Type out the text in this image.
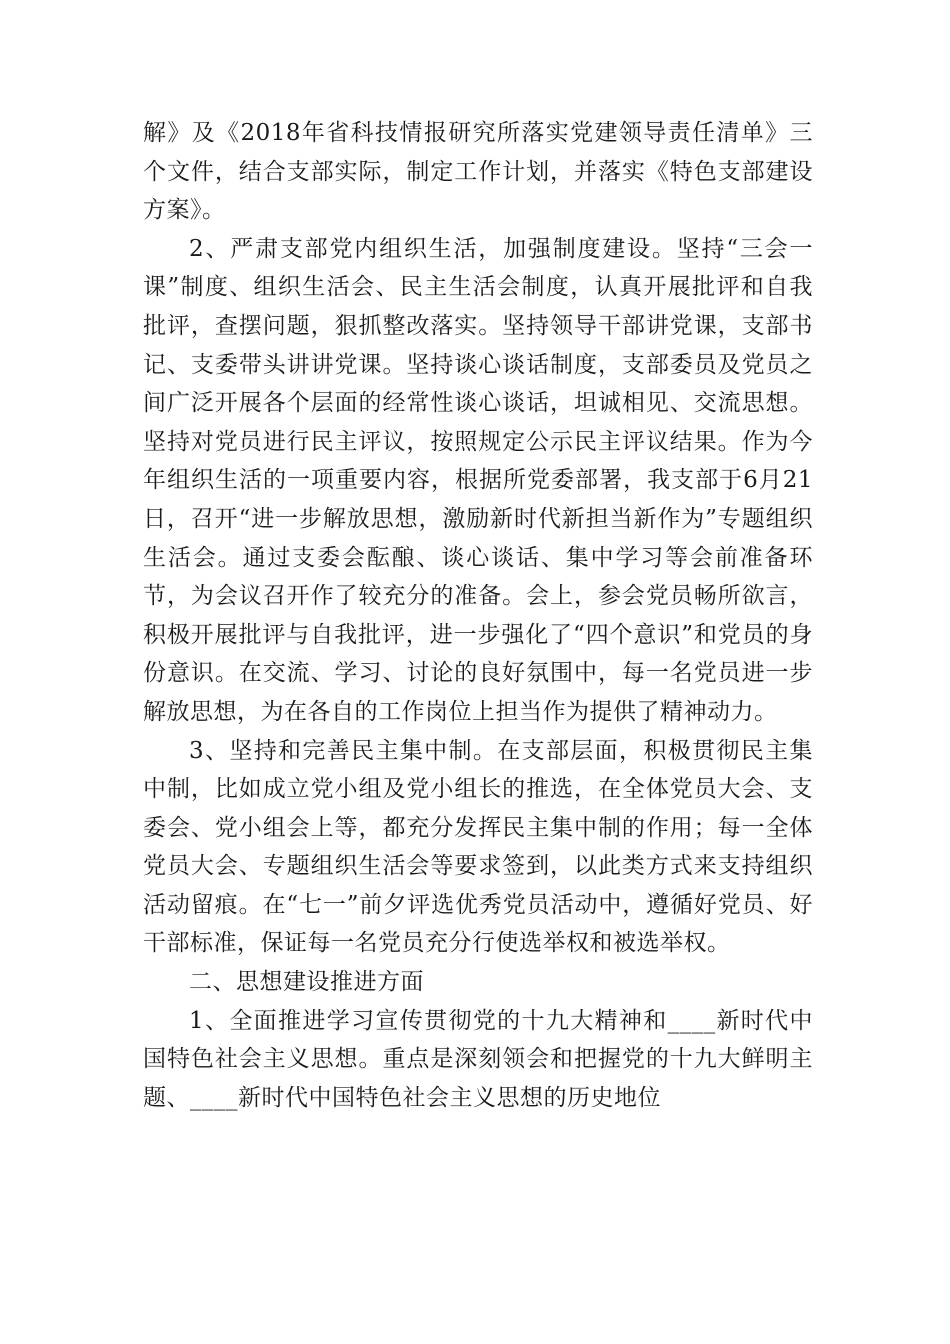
解》及《2018年省科技情报研究所落实党建领导责任清单》三个文件，结合支部实际，制定工作计划，并落实《特色支部建设方案》。

2、严肃支部党内组织生活，加强制度建设。坚持“三会一课”制度、组织生活会、民主生活会制度，认真开展批评和自我批评，查摆问题，狠抓整改落实。坚持领导干部讲党课，支部书记、支委带头讲讲党课。坚持谈心谈话制度，支部委员及党员之间广泛开展各个层面的经常性谈心谈话，坦诚相见、交流思想。坚持对党员进行民主评议，按照规定公示民主评议结果。作为今年组织生活的一项重要内容，根据所党委部署，我支部于6月21日，召开“进一步解放思想，激励新时代新担当新作为”专题组织生活会。通过支委会酝酿、谈心谈话、集中学习等会前准备环节，为会议召开作了较充分的准备。会上，参会党员畅所欲言，积极开展批评与自我批评，进一步强化了“四个意识”和党员的身份意识。在交流、学习、讨论的良好氛围中，每一名党员进一步解放思想，为在各自的工作岗位上担当作为提供了精神动力。

3、坚持和完善民主集中制。在支部层面，积极贯彻民主集中制，比如成立党小组及党小组长的推选，在全体党员大会、支委会、党小组会上等，都充分发挥民主集中制的作用；每一全体党员大会、专题组织生活会等要求签到，以此类方式来支持组织活动留痕。在“七一”前夕评选优秀党员活动中，遵循好党员、好干部标准，保证每一名党员充分行使选举权和被选举权。

二、思想建设推进方面

1、全面推进学习宣传贯彻党的十九大精神和____新时代中国特色社会主义思想。重点是深刻领会和把握党的十九大鲜明主题、____新时代中国特色社会主义思想的历史地位
